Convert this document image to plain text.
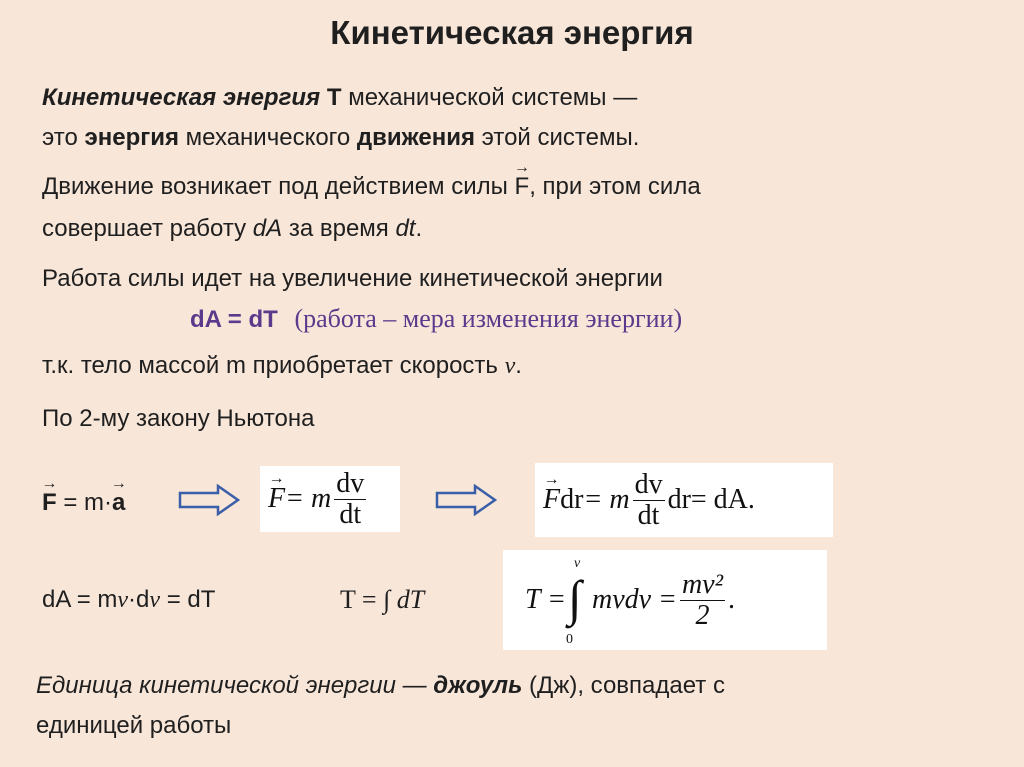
Кинетическая энергия
Кинетическая энергия T механической системы —
это энергия механического движения этой системы.
Движение возникает под действием силы F
→
, при этом сила
совершает работу dA за время dt.
Работа силы идет на увеличение кинетической энергии
dA = dT (работа – мера изменения энергии)
т.к. тело массой m приобретает скорость v.
По 2-му закону Ньютона
F
→
= m·a
→	F
→
= m $\frac{dv}{dt}$	F
→
dr = m $\frac{dv}{dt}$ dr = dA.
dA = mv·dv = dT	T = ∫ dT	T =
v
∫
0
mvdv = $\frac{\text{mv²}}{2}$ .
Единица кинетической энергии — джоуль (Дж), совпадает с
единицей работы
